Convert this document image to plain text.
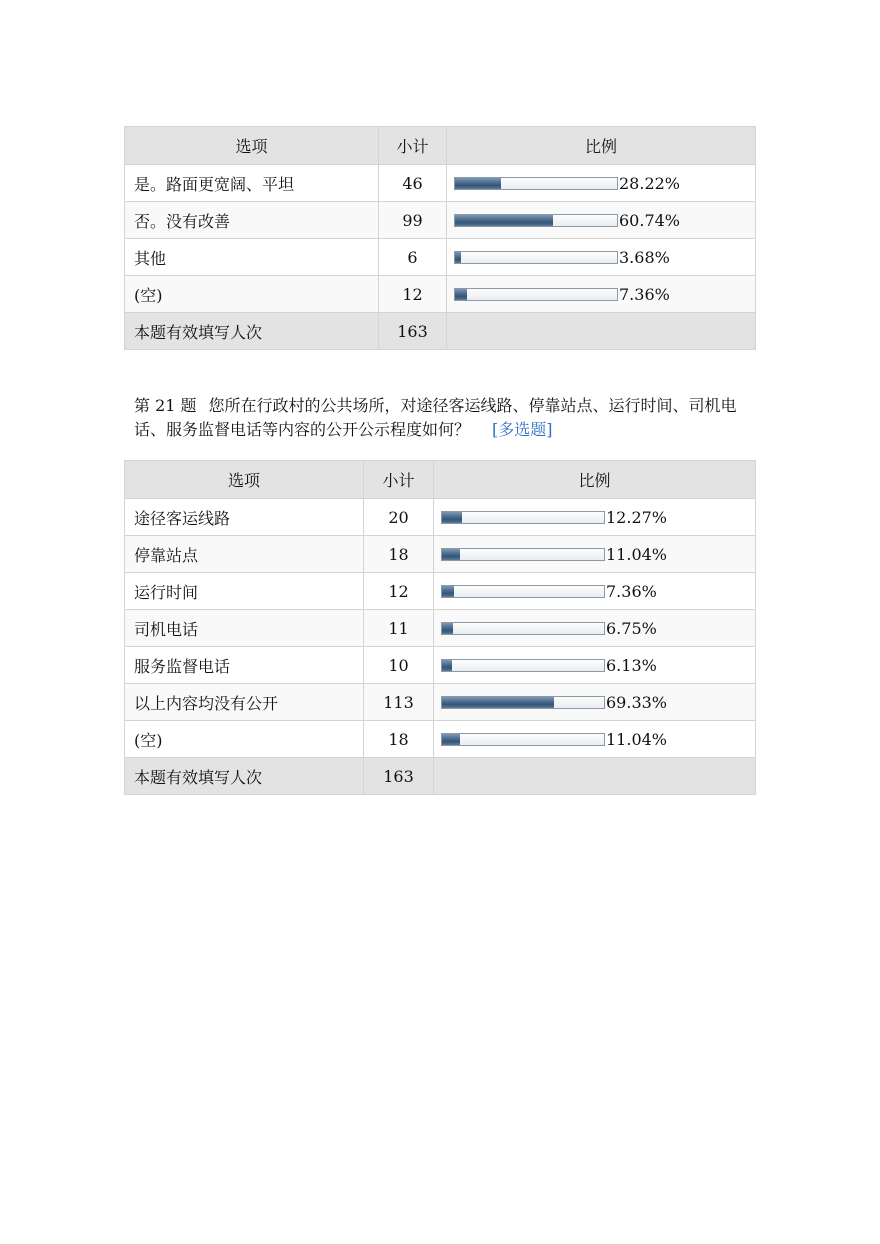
选项	小计	比例
是。路面更宽阔、平坦	46	28.22%

否。没有改善	99	60.74%

其他	6	3.68%

(空)	12	7.36%

本题有效填写人次	163	
第 21 题 您所在行政村的公共场所，对途径客运线路、停靠站点、运行时间、司机电话、服务监督电话等内容的公开公示程度如何？ [多选题]
选项	小计	比例
途径客运线路	20	12.27%

停靠站点	18	11.04%

运行时间	12	7.36%

司机电话	11	6.75%

服务监督电话	10	6.13%

以上内容均没有公开	113	69.33%

(空)	18	11.04%

本题有效填写人次	163	
